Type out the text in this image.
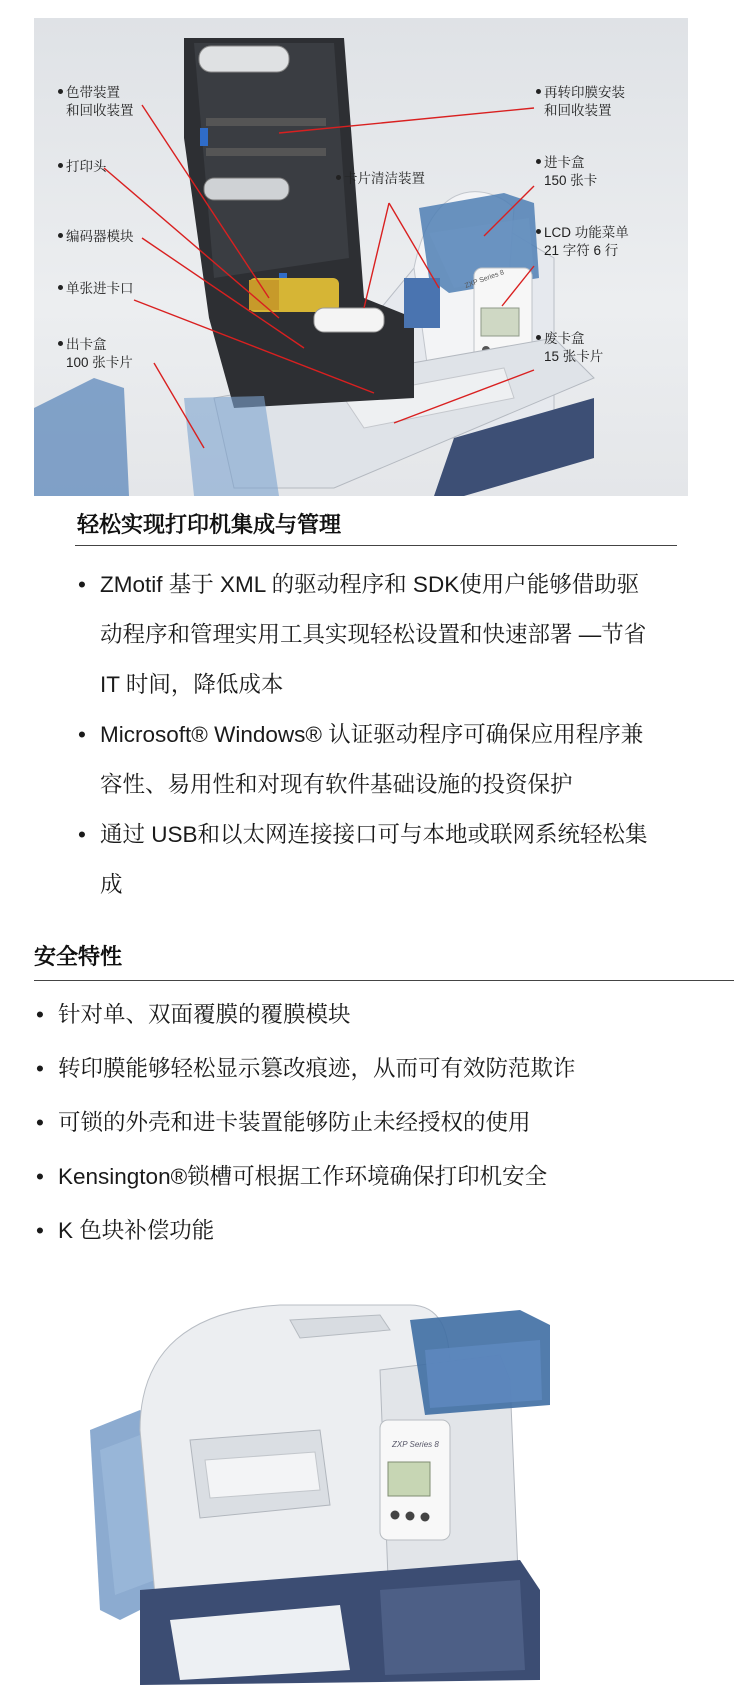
色带装置
和回收装置
打印头
编码器模块
单张进卡口
出卡盒
100 张卡片
卡片清洁装置
再转印膜安装
和回收装置
进卡盒
150 张卡
LCD 功能菜单
21 字符 6 行
废卡盒
15 张卡片
ZXP Series 8
轻松实现打印机集成与管理
• ZMotif 基于 XML 的驱动程序和 SDK使用户能够借助驱
动程序和管理实用工具实现轻松设置和快速部署 —节省
IT 时间，降低成本
• Microsoft® Windows® 认证驱动程序可确保应用程序兼
容性、易用性和对现有软件基础设施的投资保护
• 通过 USB和以太网连接接口可与本地或联网系统轻松集
成
安全特性
• 针对单、双面覆膜的覆膜模块
• 转印膜能够轻松显示篡改痕迹，从而可有效防范欺诈
• 可锁的外壳和进卡装置能够防止未经授权的使用
• Kensington®锁槽可根据工作环境确保打印机安全
• K 色块补偿功能
ZXP Series 8
